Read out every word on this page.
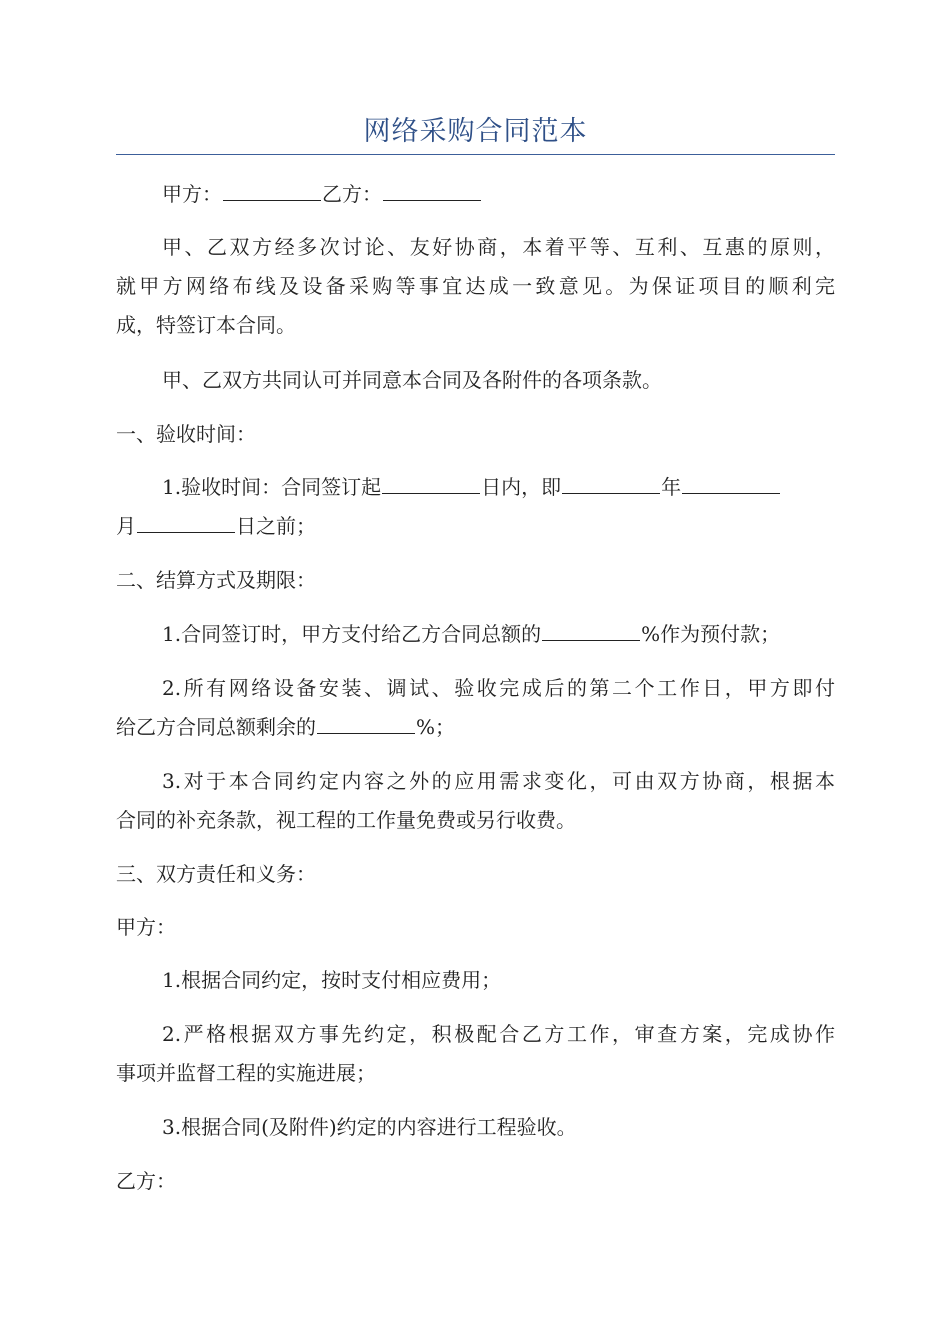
网络采购合同范本
甲方：	乙方：
甲、乙双方经多次讨论、友好协商，本着平等、互利、互惠的原则，
就甲方网络布线及设备采购等事宜达成一致意见。为保证项目的顺利完
成，特签订本合同。
甲、乙双方共同认可并同意本合同及各附件的各项条款。
一、验收时间：
1.验收时间：合同签订起	日内，即	年
月	日之前；
二、结算方式及期限：
1.合同签订时，甲方支付给乙方合同总额的	%作为预付款；
2.所有网络设备安装、调试、验收完成后的第二个工作日，甲方即付
给乙方合同总额剩余的	%；
3.对于本合同约定内容之外的应用需求变化，可由双方协商，根据本
合同的补充条款，视工程的工作量免费或另行收费。
三、双方责任和义务：
甲方：
1.根据合同约定，按时支付相应费用；
2.严格根据双方事先约定，积极配合乙方工作，审查方案，完成协作
事项并监督工程的实施进展；
3.根据合同(及附件)约定的内容进行工程验收。
乙方：
